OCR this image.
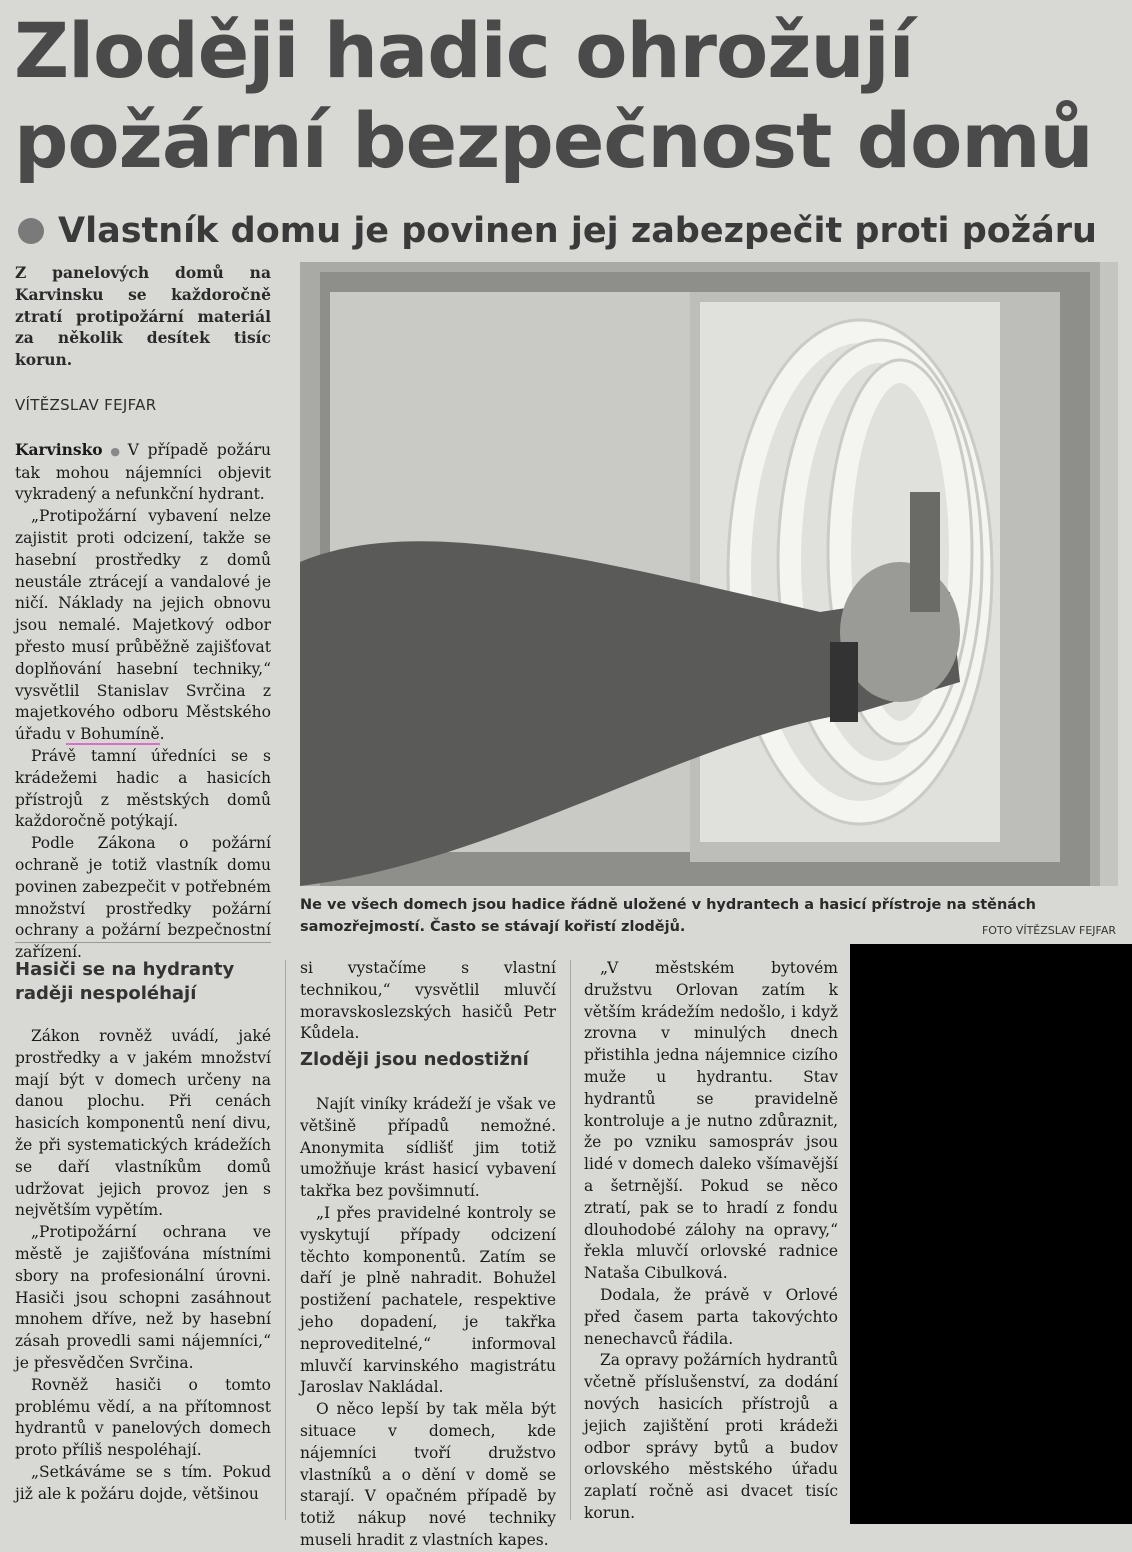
Zloději hadic ohrožují
požární bezpečnost domů
Vlastník domu je povinen jej zabezpečit proti požáru
Z panelových domů na Karvinsku se každoročně ztratí protipožární materiál za několik desítek tisíc korun.
VÍTĚZSLAV FEJFAR

Karvinsko ● V případě požáru tak mohou nájemníci objevit vykradený a nefunkční hydrant.

„Protipožární vybavení nelze zajistit proti odcizení, takže se hasební prostředky z domů neustále ztrácejí a vandalové je ničí. Náklady na jejich obnovu jsou nemalé. Majetkový odbor přesto musí průběžně zajišťovat doplňování hasební techniky,“ vysvětlil Stanislav Svrčina z majetkového odboru Městského úřadu v Bohumíně.

Právě tamní úředníci se s krádežemi hadic a hasicích přístrojů z městských domů každoročně potýkají.

Podle Zákona o požární ochraně je totiž vlastník domu povinen zabezpečit v potřebném množství prostředky požární ochrany a požární bezpečnostní zařízení.

Ne ve všech domech jsou hadice řádně uložené v hydrantech a hasicí přístroje na stěnách samozřejmostí. Často se stávají kořistí zlodějů.	FOTO VÍTĚZSLAV FEJFAR
Hasiči se na hydranty raději nespoléhají

Zákon rovněž uvádí, jaké prostředky a v jakém množství mají být v domech určeny na danou plochu. Při cenách hasicích komponentů není divu, že při systematických krádežích se daří vlastníkům domů udržovat jejich provoz jen s největším vypětím.

„Protipožární ochrana ve městě je zajišťována místními sbory na profesionální úrovni. Hasiči jsou schopni zasáhnout mnohem dříve, než by hasební zásah provedli sami nájemníci,“ je přesvědčen Svrčina.

Rovněž hasiči o tomto problému vědí, a na přítomnost hydrantů v panelových domech proto příliš nespoléhají.

„Setkáváme se s tím. Pokud již ale k požáru dojde, většinou

si vystačíme s vlastní technikou,“ vysvětlil mluvčí moravskoslezských hasičů Petr Kůdela.

Zloději jsou nedostižní

Najít viníky krádeží je však ve většině případů nemožné. Anonymita sídlišť jim totiž umožňuje krást hasicí vybavení takřka bez povšimnutí.

„I přes pravidelné kontroly se vyskytují případy odcizení těchto komponentů. Zatím se daří je plně nahradit. Bohužel postižení pachatele, respektive jeho dopadení, je takřka neproveditelné,“ informoval mluvčí karvinského magistrátu Jaroslav Nakládal.

O něco lepší by tak měla být situace v domech, kde nájemníci tvoří družstvo vlastníků a o dění v domě se starají. V opačném případě by totiž nákup nové techniky museli hradit z vlastních kapes.

„V městském bytovém družstvu Orlovan zatím k větším krádežím nedošlo, i když zrovna v minulých dnech přistihla jedna nájemnice cizího muže u hydrantu. Stav hydrantů se pravidelně kontroluje a je nutno zdůraznit, že po vzniku samospráv jsou lidé v domech daleko všímavější a šetrnější. Pokud se něco ztratí, pak se to hradí z fondu dlouhodobé zálohy na opravy,“ řekla mluvčí orlovské radnice Nataša Cibulková.

Dodala, že právě v Orlové před časem parta takovýchto nenechavců řádila.

Za opravy požárních hydrantů včetně příslušenství, za dodání nových hasicích přístrojů a jejich zajištění proti krádeži odbor správy bytů a budov orlovského městského úřadu zaplatí ročně asi dvacet tisíc korun.
